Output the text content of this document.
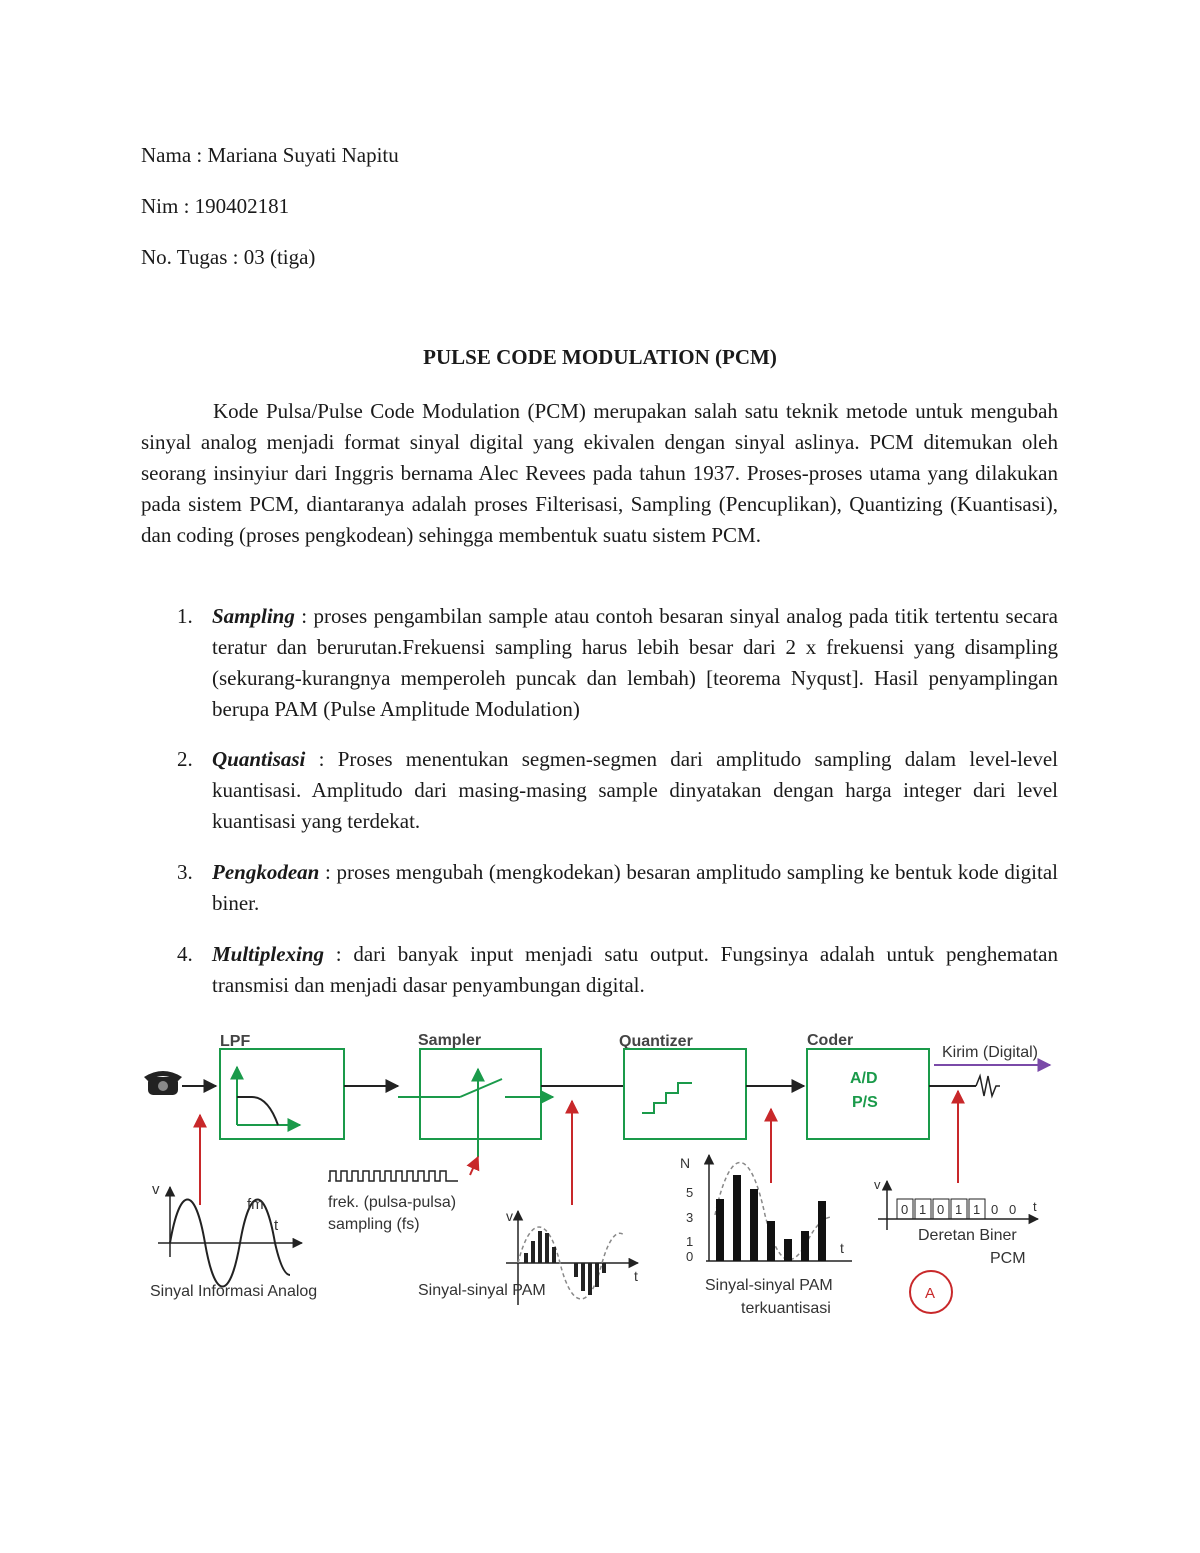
Nama : Mariana Suyati Napitu
Nim : 190402181
No. Tugas : 03 (tiga)
PULSE CODE MODULATION (PCM)

Kode Pulsa/Pulse Code Modulation (PCM) merupakan salah satu teknik metode untuk mengubah sinyal analog menjadi format sinyal digital yang ekivalen dengan sinyal aslinya. PCM ditemukan oleh seorang insinyiur dari Inggris bernama Alec Revees pada tahun 1937. Proses-proses utama yang dilakukan pada sistem PCM, diantaranya adalah proses Filterisasi, Sampling (Pencuplikan), Quantizing (Kuantisasi), dan coding (proses pengkodean) sehingga membentuk suatu sistem PCM.

1. Sampling : proses pengambilan sample atau contoh besaran sinyal analog pada titik tertentu secara teratur dan berurutan.Frekuensi sampling harus lebih besar dari 2 x frekuensi yang disampling (sekurang-kurangnya memperoleh puncak dan lembah) [teorema Nyqust]. Hasil penyamplingan berupa PAM (Pulse Amplitude Modulation)
2. Quantisasi : Proses menentukan segmen-segmen dari amplitudo sampling dalam level-level kuantisasi. Amplitudo dari masing-masing sample dinyatakan dengan harga integer dari level kuantisasi yang terdekat.
3. Pengkodean : proses mengubah (mengkodekan) besaran amplitudo sampling ke bentuk kode digital biner.
4. Multiplexing : dari banyak input menjadi satu output. Fungsinya adalah untuk penghematan transmisi dan menjadi dasar penyambungan digital.
LPF	Sampler	Quantizer	Coder
A/D
P/S
Kirim (Digital)
v
fm
t
Sinyal Informasi Analog
frek. (pulsa-pulsa)
sampling (fs)	v
t
Sinyal-sinyal PAM
N
5
3
1
0
t
Sinyal-sinyal PAM
terkuantisasi
0 1 0 1 1 0 0
v
t
Deretan Biner
PCM
A
